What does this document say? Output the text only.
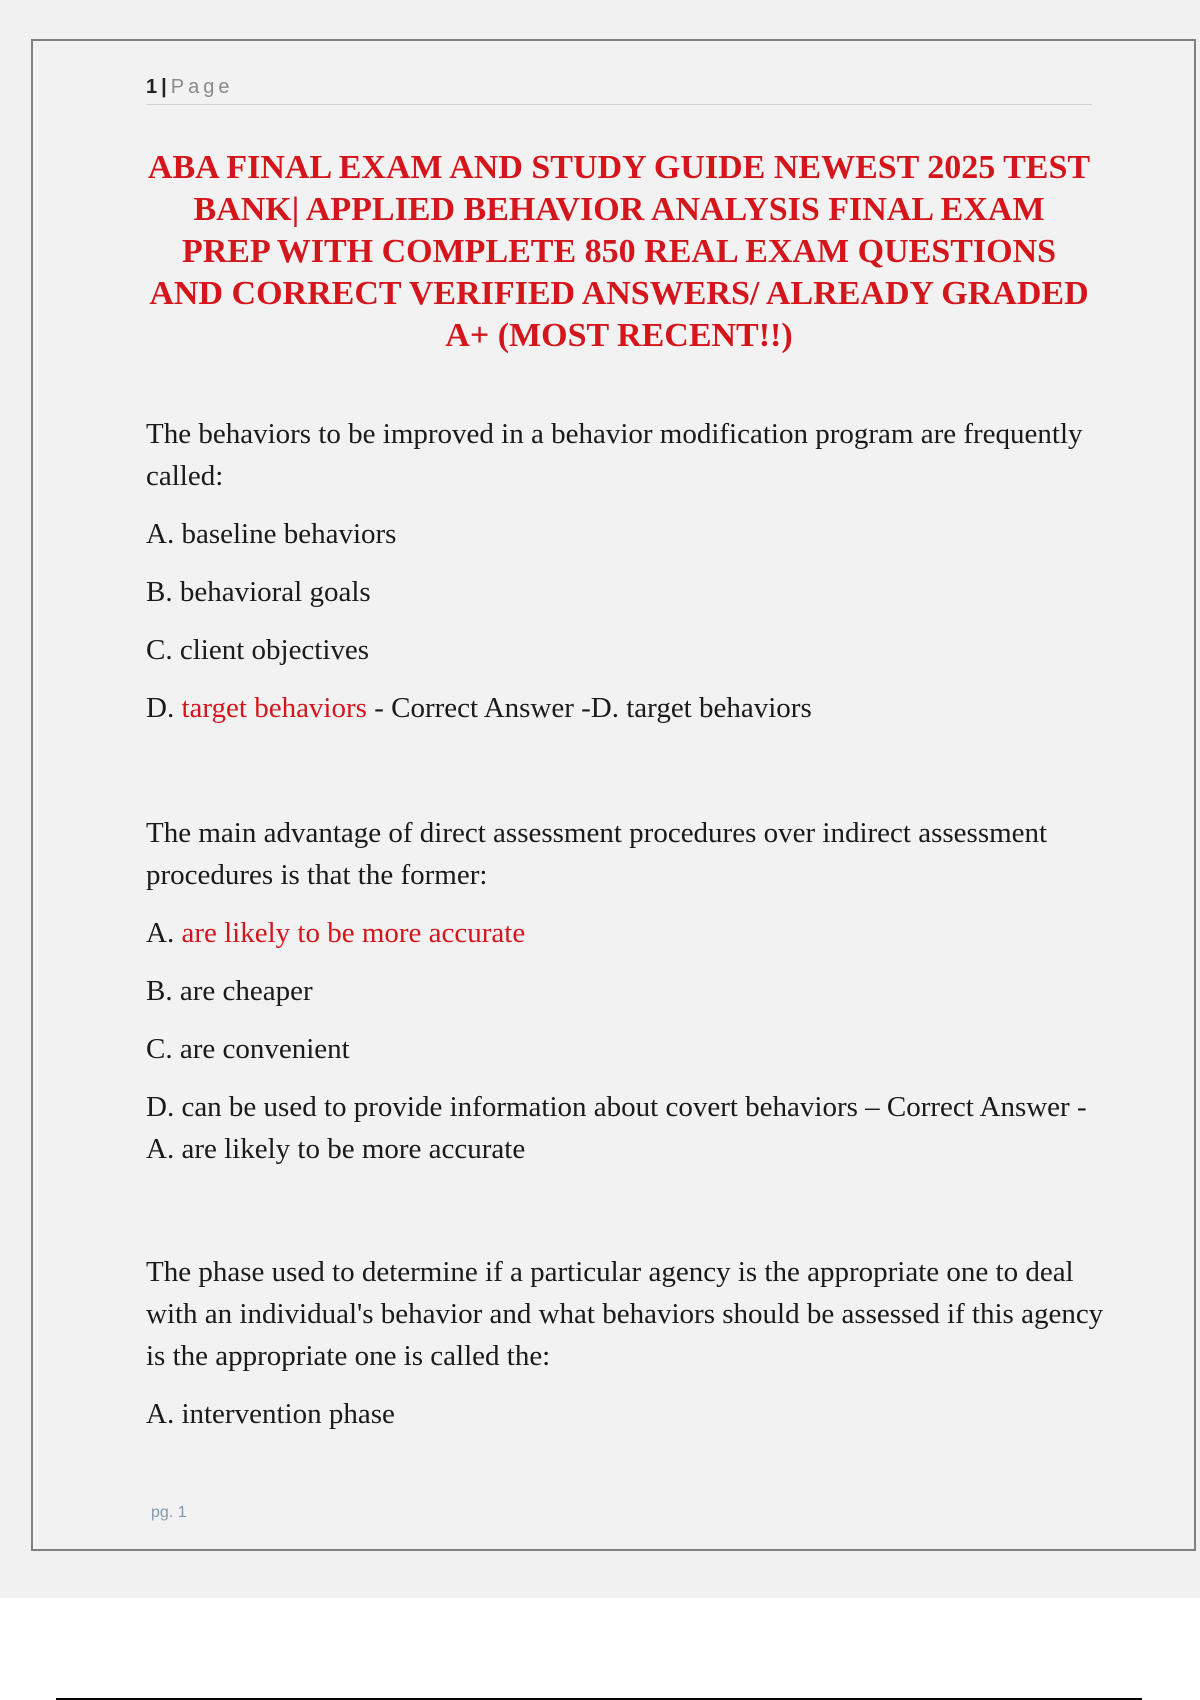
1 | Page
ABA FINAL EXAM AND STUDY GUIDE NEWEST 2025 TEST BANK| APPLIED BEHAVIOR ANALYSIS FINAL EXAM PREP WITH COMPLETE 850 REAL EXAM QUESTIONS AND CORRECT VERIFIED ANSWERS/ ALREADY GRADED A+ (MOST RECENT!!)

The behaviors to be improved in a behavior modification program are frequently called:

A. baseline behaviors

B. behavioral goals

C. client objectives

D. target behaviors - Correct Answer -D. target behaviors

The main advantage of direct assessment procedures over indirect assessment procedures is that the former:

A. are likely to be more accurate

B. are cheaper

C. are convenient

D. can be used to provide information about covert behaviors – Correct Answer -A. are likely to be more accurate

The phase used to determine if a particular agency is the appropriate one to deal with an individual's behavior and what behaviors should be assessed if this agency is the appropriate one is called the:

A. intervention phase

pg. 1
